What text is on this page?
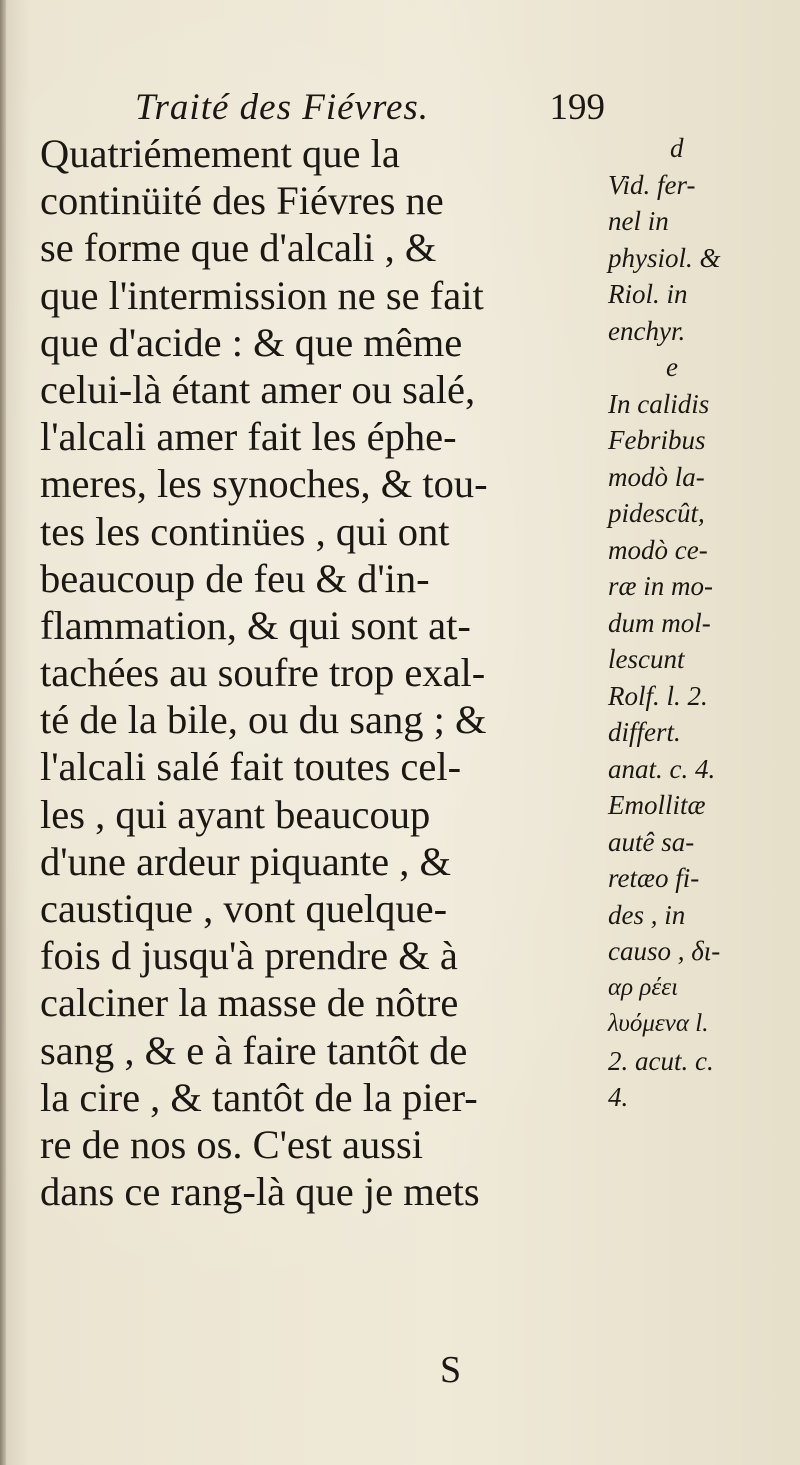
Traité des Fiévres.	199
Quatriémement que la
continüité des Fiévres ne
se forme que d'alcali , &
que l'intermission ne se fait
que d'acide : & que même
celui-là étant amer ou salé,
l'alcali amer fait les éphe-
meres, les synoches, & tou-
tes les continües , qui ont
beaucoup de feu & d'in-
flammation, & qui sont at-
tachées au soufre trop exal-
té de la bile, ou du sang ; &
l'alcali salé fait toutes cel-
les , qui ayant beaucoup
d'une ardeur piquante , &
caustique , vont quelque-
fois d jusqu'à prendre & à
calciner la masse de nôtre
sang , & e à faire tantôt de
la cire , & tantôt de la pier-
re de nos os. C'est aussi
dans ce rang-là que je mets
S
d
Vid. fer-
nel in
physiol. &
Riol. in
enchyr.
e
In calidis
Febribus
modò la-
pidescût,
modò ce-
ræ in mo-
dum mol-
lescunt
Rolf. l. 2.
differt.
anat. c. 4.
Emollitæ
autê sa-
retæo fi-
des , in
causo , δι-
αρ ρέει
λυόμενα l.
2. acut. c.
4.
